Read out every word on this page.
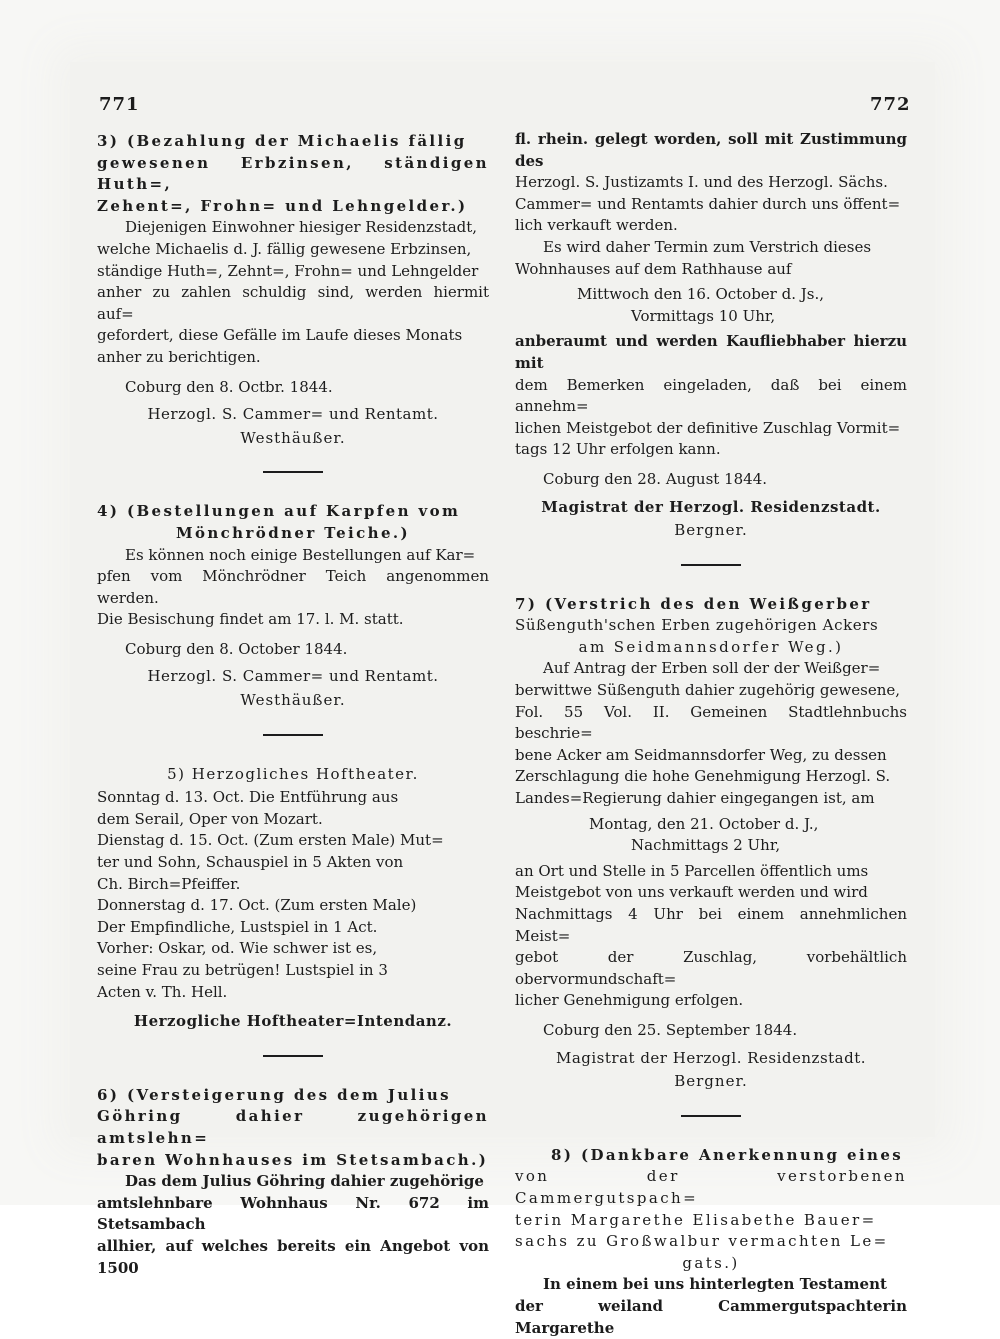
771	772

3) (Bezahlung der Michaelis fällig

gewesenen Erbzinsen, ständigen Huth=,

Zehent=, Frohn= und Lehngelder.)

Diejenigen Einwohner hiesiger Residenzstadt,

welche Michaelis d. J. fällig gewesene Erbzinsen,

ständige Huth=, Zehnt=, Frohn= und Lehngelder

anher zu zahlen schuldig sind, werden hiermit auf=

gefordert, diese Gefälle im Laufe dieses Monats

anher zu berichtigen.

Coburg den 8. Octbr. 1844.

Herzogl. S. Cammer= und Rentamt.

Westhäußer.

4) (Bestellungen auf Karpfen vom

Mönchrödner Teiche.)

Es können noch einige Bestellungen auf Kar=

pfen vom Mönchrödner Teich angenommen werden.

Die Besischung findet am 17. l. M. statt.

Coburg den 8. October 1844.

Herzogl. S. Cammer= und Rentamt.

Westhäußer.

5) Herzogliches Hoftheater.

Sonntag d. 13. Oct. Die Entführung aus

dem Serail, Oper von Mozart.

Dienstag d. 15. Oct. (Zum ersten Male) Mut=

ter und Sohn, Schauspiel in 5 Akten von

Ch. Birch=Pfeiffer.

Donnerstag d. 17. Oct. (Zum ersten Male)

Der Empfindliche, Lustspiel in 1 Act.

Vorher: Oskar, od. Wie schwer ist es,

seine Frau zu betrügen! Lustspiel in 3

Acten v. Th. Hell.

Herzogliche Hoftheater=Intendanz.

6) (Versteigerung des dem Julius

Göhring dahier zugehörigen amtslehn=

baren Wohnhauses im Stetsambach.)

Das dem Julius Göhring dahier zugehörige

amtslehnbare Wohnhaus Nr. 672 im Stetsambach

allhier, auf welches bereits ein Angebot von 1500

fl. rhein. gelegt worden, soll mit Zustimmung des

Herzogl. S. Justizamts I. und des Herzogl. Sächs.

Cammer= und Rentamts dahier durch uns öffent=

lich verkauft werden.

Es wird daher Termin zum Verstrich dieses

Wohnhauses auf dem Rathhause auf

Mittwoch den 16. October d. Js.,

Vormittags 10 Uhr,

anberaumt und werden Kaufliebhaber hierzu mit

dem Bemerken eingeladen, daß bei einem annehm=

lichen Meistgebot der definitive Zuschlag Vormit=

tags 12 Uhr erfolgen kann.

Coburg den 28. August 1844.

Magistrat der Herzogl. Residenzstadt.

Bergner.

7) (Verstrich des den Weißgerber

Süßenguth'schen Erben zugehörigen Ackers

am Seidmannsdorfer Weg.)

Auf Antrag der Erben soll der der Weißger=

berwittwe Süßenguth dahier zugehörig gewesene,

Fol. 55 Vol. II. Gemeinen Stadtlehnbuchs beschrie=

bene Acker am Seidmannsdorfer Weg, zu dessen

Zerschlagung die hohe Genehmigung Herzogl. S.

Landes=Regierung dahier eingegangen ist, am

Montag, den 21. October d. J.,

Nachmittags 2 Uhr,

an Ort und Stelle in 5 Parcellen öffentlich ums

Meistgebot von uns verkauft werden und wird

Nachmittags 4 Uhr bei einem annehmlichen Meist=

gebot der Zuschlag, vorbehältlich obervormundschaft=

licher Genehmigung erfolgen.

Coburg den 25. September 1844.

Magistrat der Herzogl. Residenzstadt.

Bergner.

8) (Dankbare Anerkennung eines

von der verstorbenen Cammergutspach=

terin Margarethe Elisabethe Bauer=

sachs zu Großwalbur vermachten Le=

gats.)

In einem bei uns hinterlegten Testament

der weiland Cammergutspachterin Margarethe
